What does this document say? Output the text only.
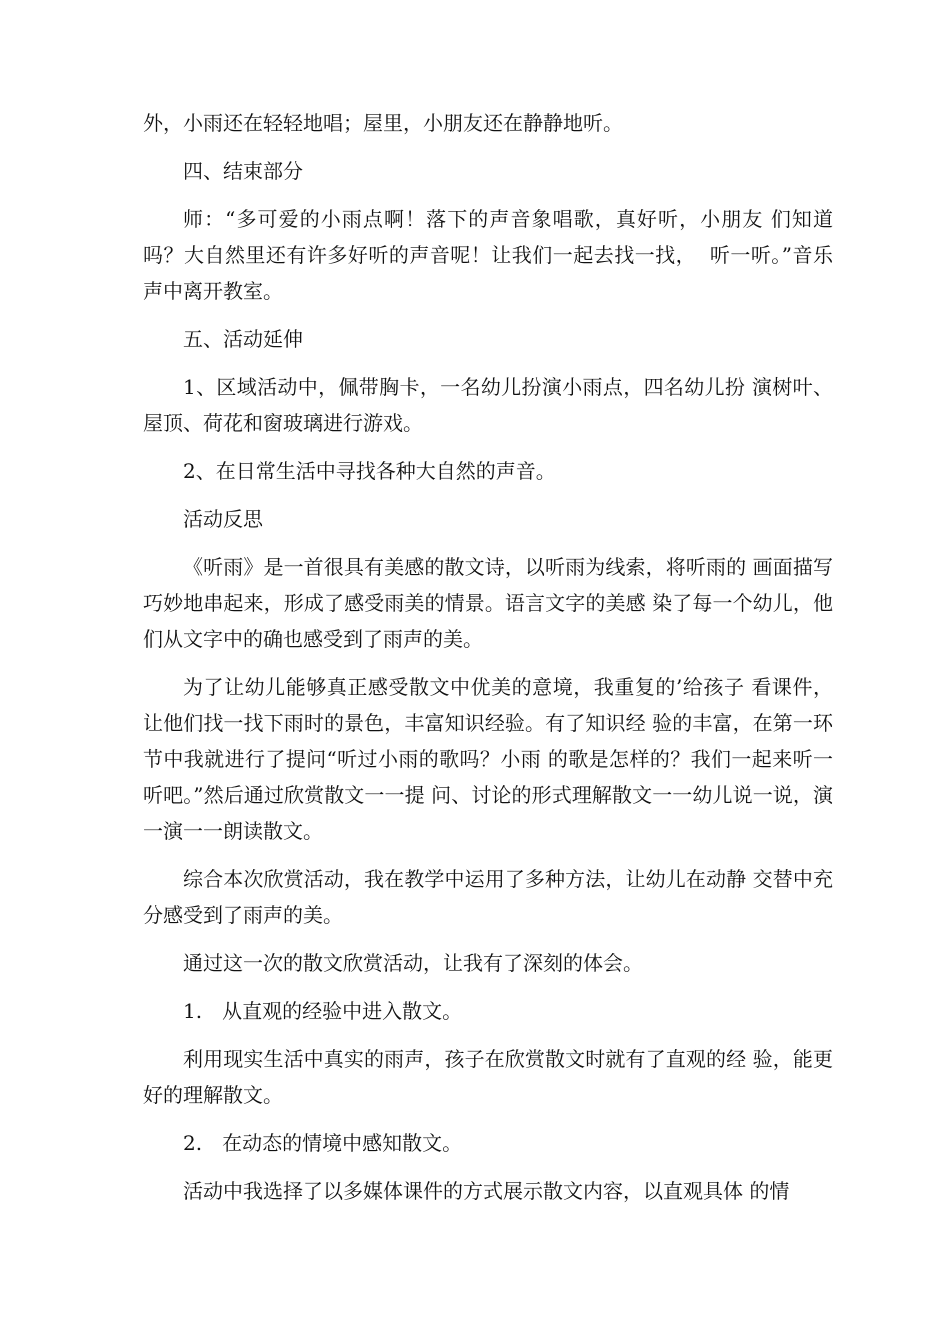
外，小雨还在轻轻地唱；屋里，小朋友还在静静地听。

四、结束部分

师：“多可爱的小雨点啊！落下的声音象唱歌，真好听，小朋友 们知道吗？大自然里还有许多好听的声音呢！让我们一起去找一找，  听一听。”音乐声中离开教室。

五、活动延伸

1、区域活动中，佩带胸卡，一名幼儿扮演小雨点，四名幼儿扮 演树叶、屋顶、荷花和窗玻璃进行游戏。

2、在日常生活中寻找各种大自然的声音。

活动反思

《听雨》是一首很具有美感的散文诗，以听雨为线索，将听雨的 画面描写巧妙地串起来，形成了感受雨美的情景。语言文字的美感 染了每一个幼儿，他们从文字中的确也感受到了雨声的美。

为了让幼儿能够真正感受散文中优美的意境，我重复的’给孩子 看课件，让他们找一找下雨时的景色，丰富知识经验。有了知识经 验的丰富，在第一环节中我就进行了提问“听过小雨的歌吗？小雨 的歌是怎样的？我们一起来听一听吧。”然后通过欣赏散文一一提 问、讨论的形式理解散文一一幼儿说一说，演一演一一朗读散文。

综合本次欣赏活动，我在教学中运用了多种方法，让幼儿在动静 交替中充分感受到了雨声的美。

通过这一次的散文欣赏活动，让我有了深刻的体会。

1.　从直观的经验中进入散文。

利用现实生活中真实的雨声，孩子在欣赏散文时就有了直观的经 验，能更好的理解散文。

2.　在动态的情境中感知散文。

活动中我选择了以多媒体课件的方式展示散文内容，以直观具体 的情
